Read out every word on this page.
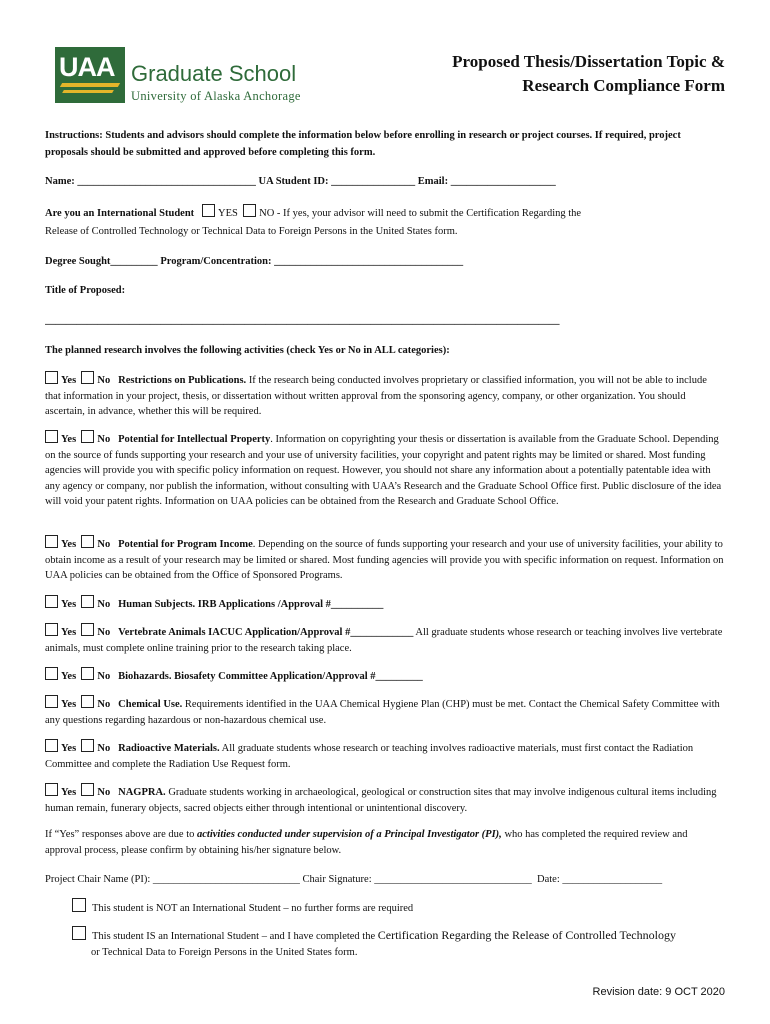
UAA Graduate School
University of Alaska Anchorage
Proposed Thesis/Dissertation Topic &
Research Compliance Form
Instructions: Students and advisors should complete the information below before enrolling in research or project courses. If required, project proposals should be submitted and approved before completing this form.
Name: __________________________________ UA Student ID: ________________ Email: ____________________
Are you an International Student YES NO - If yes, your advisor will need to submit the Certification Regarding the
Release of Controlled Technology or Technical Data to Foreign Persons in the United States form.
Degree Sought_________ Program/Concentration: ____________________________________
Title of Proposed:
__________________________________________________________________________________________________
The planned research involves the following activities (check Yes or No in ALL categories):
Yes No Restrictions on Publications. If the research being conducted involves proprietary or classified information, you will not be able to include that information in your project, thesis, or dissertation without written approval from the sponsoring agency, company, or other organization. You should ascertain, in advance, whether this will be required.
Yes No Potential for Intellectual Property. Information on copyrighting your thesis or dissertation is available from the Graduate School. Depending on the source of funds supporting your research and your use of university facilities, your copyright and patent rights may be limited or shared. Most funding agencies will provide you with specific policy information on request. However, you should not share any information about a potentially patentable idea with any agency or company, nor publish the information, without consulting with UAA’s Research and the Graduate School Office first. Public disclosure of the idea will void your patent rights. Information on UAA policies can be obtained from the Research and Graduate School Office.
Yes No Potential for Program Income. Depending on the source of funds supporting your research and your use of university facilities, your ability to obtain income as a result of your research may be limited or shared. Most funding agencies will provide you with specific information on request. Information on UAA policies can be obtained from the Office of Sponsored Programs.
Yes No Human Subjects. IRB Applications /Approval #__________
Yes No Vertebrate Animals IACUC Application/Approval #____________ All graduate students whose research or teaching involves live vertebrate animals, must complete online training prior to the research taking place.
Yes No Biohazards. Biosafety Committee Application/Approval #_________
Yes No Chemical Use. Requirements identified in the UAA Chemical Hygiene Plan (CHP) must be met. Contact the Chemical Safety Committee with any questions regarding hazardous or non-hazardous chemical use.
Yes No Radioactive Materials. All graduate students whose research or teaching involves radioactive materials, must first contact the Radiation Committee and complete the Radiation Use Request form.
Yes No NAGPRA. Graduate students working in archaeological, geological or construction sites that may involve indigenous cultural items including human remain, funerary objects, sacred objects either through intentional or unintentional discovery.
If “Yes” responses above are due to activities conducted under supervision of a Principal Investigator (PI), who has completed the required review and approval process, please confirm by obtaining his/her signature below.
Project Chair Name (PI): ____________________________ Chair Signature: ______________________________ Date: ___________________
This student is NOT an International Student – no further forms are required
This student IS an International Student – and I have completed the Certification Regarding the Release of Controlled Technology
or Technical Data to Foreign Persons in the United States form.
Revision date: 9 OCT 2020
